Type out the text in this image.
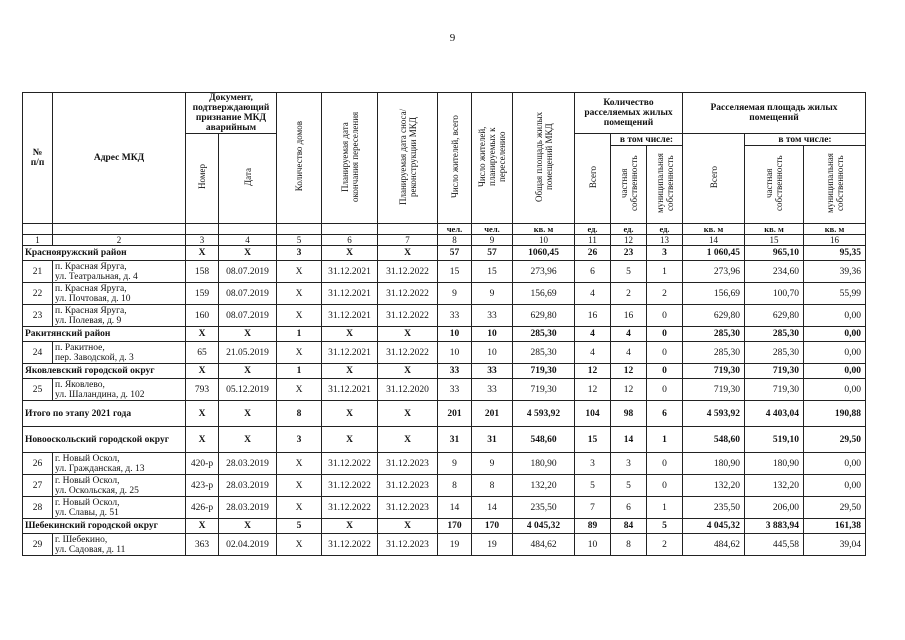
9
№
п/п	Адрес МКД	Документ, подтверждающий признание МКД аварийным		Количество домов	Планируемая дата окончания переселения	Планируемая дата сноса/ реконструкции МКД	Число жителей, всего	Число жителей, планируемых к переселению	Общая площадь жилых помещений МКД	Количество расселяемых жилых помещений			Расселяемая площадь жилых помещений		
		Номер	Дата							Всего	в том числе:		Всего	в том числе:	
											частная собственность	муниципальная собственность		частная собственность	муниципальная собственность
							чел.	чел.	кв. м	ед.	ед.	ед.	кв. м	кв. м	кв. м
1	2	3	4	5	6	7	8	9	10	11	12	13	14	15	16
Краснояружский район		X	X	3	X	X	57	57	1060,45	26	23	3	1 060,45	965,10	95,35
21	п. Красная Яруга,
ул. Театральная, д. 4	158	08.07.2019	X	31.12.2021	31.12.2022	15	15	273,96	6	5	1	273,96	234,60	39,36
22	п. Красная Яруга,
ул. Почтовая, д. 10	159	08.07.2019	X	31.12.2021	31.12.2022	9	9	156,69	4	2	2	156,69	100,70	55,99
23	п. Красная Яруга,
ул. Полевая, д. 9	160	08.07.2019	X	31.12.2021	31.12.2022	33	33	629,80	16	16	0	629,80	629,80	0,00
Ракитянский район		X	X	1	X	X	10	10	285,30	4	4	0	285,30	285,30	0,00
24	п. Ракитное,
пер. Заводской, д. 3	65	21.05.2019	X	31.12.2021	31.12.2022	10	10	285,30	4	4	0	285,30	285,30	0,00
Яковлевский городской округ		X	X	1	X	X	33	33	719,30	12	12	0	719,30	719,30	0,00
25	п. Яковлево,
ул. Шаландина, д. 102	793	05.12.2019	X	31.12.2021	31.12.2020	33	33	719,30	12	12	0	719,30	719,30	0,00
Итого по этапу 2021 года		X	X	8	X	X	201	201	4 593,92	104	98	6	4 593,92	4 403,04	190,88
Новооскольский городской округ		X	X	3	X	X	31	31	548,60	15	14	1	548,60	519,10	29,50
26	г. Новый Оскол,
ул. Гражданская, д. 13	420-р	28.03.2019	X	31.12.2022	31.12.2023	9	9	180,90	3	3	0	180,90	180,90	0,00
27	г. Новый Оскол,
ул. Оскольская, д. 25	423-р	28.03.2019	X	31.12.2022	31.12.2023	8	8	132,20	5	5	0	132,20	132,20	0,00
28	г. Новый Оскол,
ул. Славы, д. 51	426-р	28.03.2019	X	31.12.2022	31.12.2023	14	14	235,50	7	6	1	235,50	206,00	29,50
Шебекинский городской округ		X	X	5	X	X	170	170	4 045,32	89	84	5	4 045,32	3 883,94	161,38
29	г. Шебекино,
ул. Садовая, д. 11	363	02.04.2019	X	31.12.2022	31.12.2023	19	19	484,62	10	8	2	484,62	445,58	39,04
